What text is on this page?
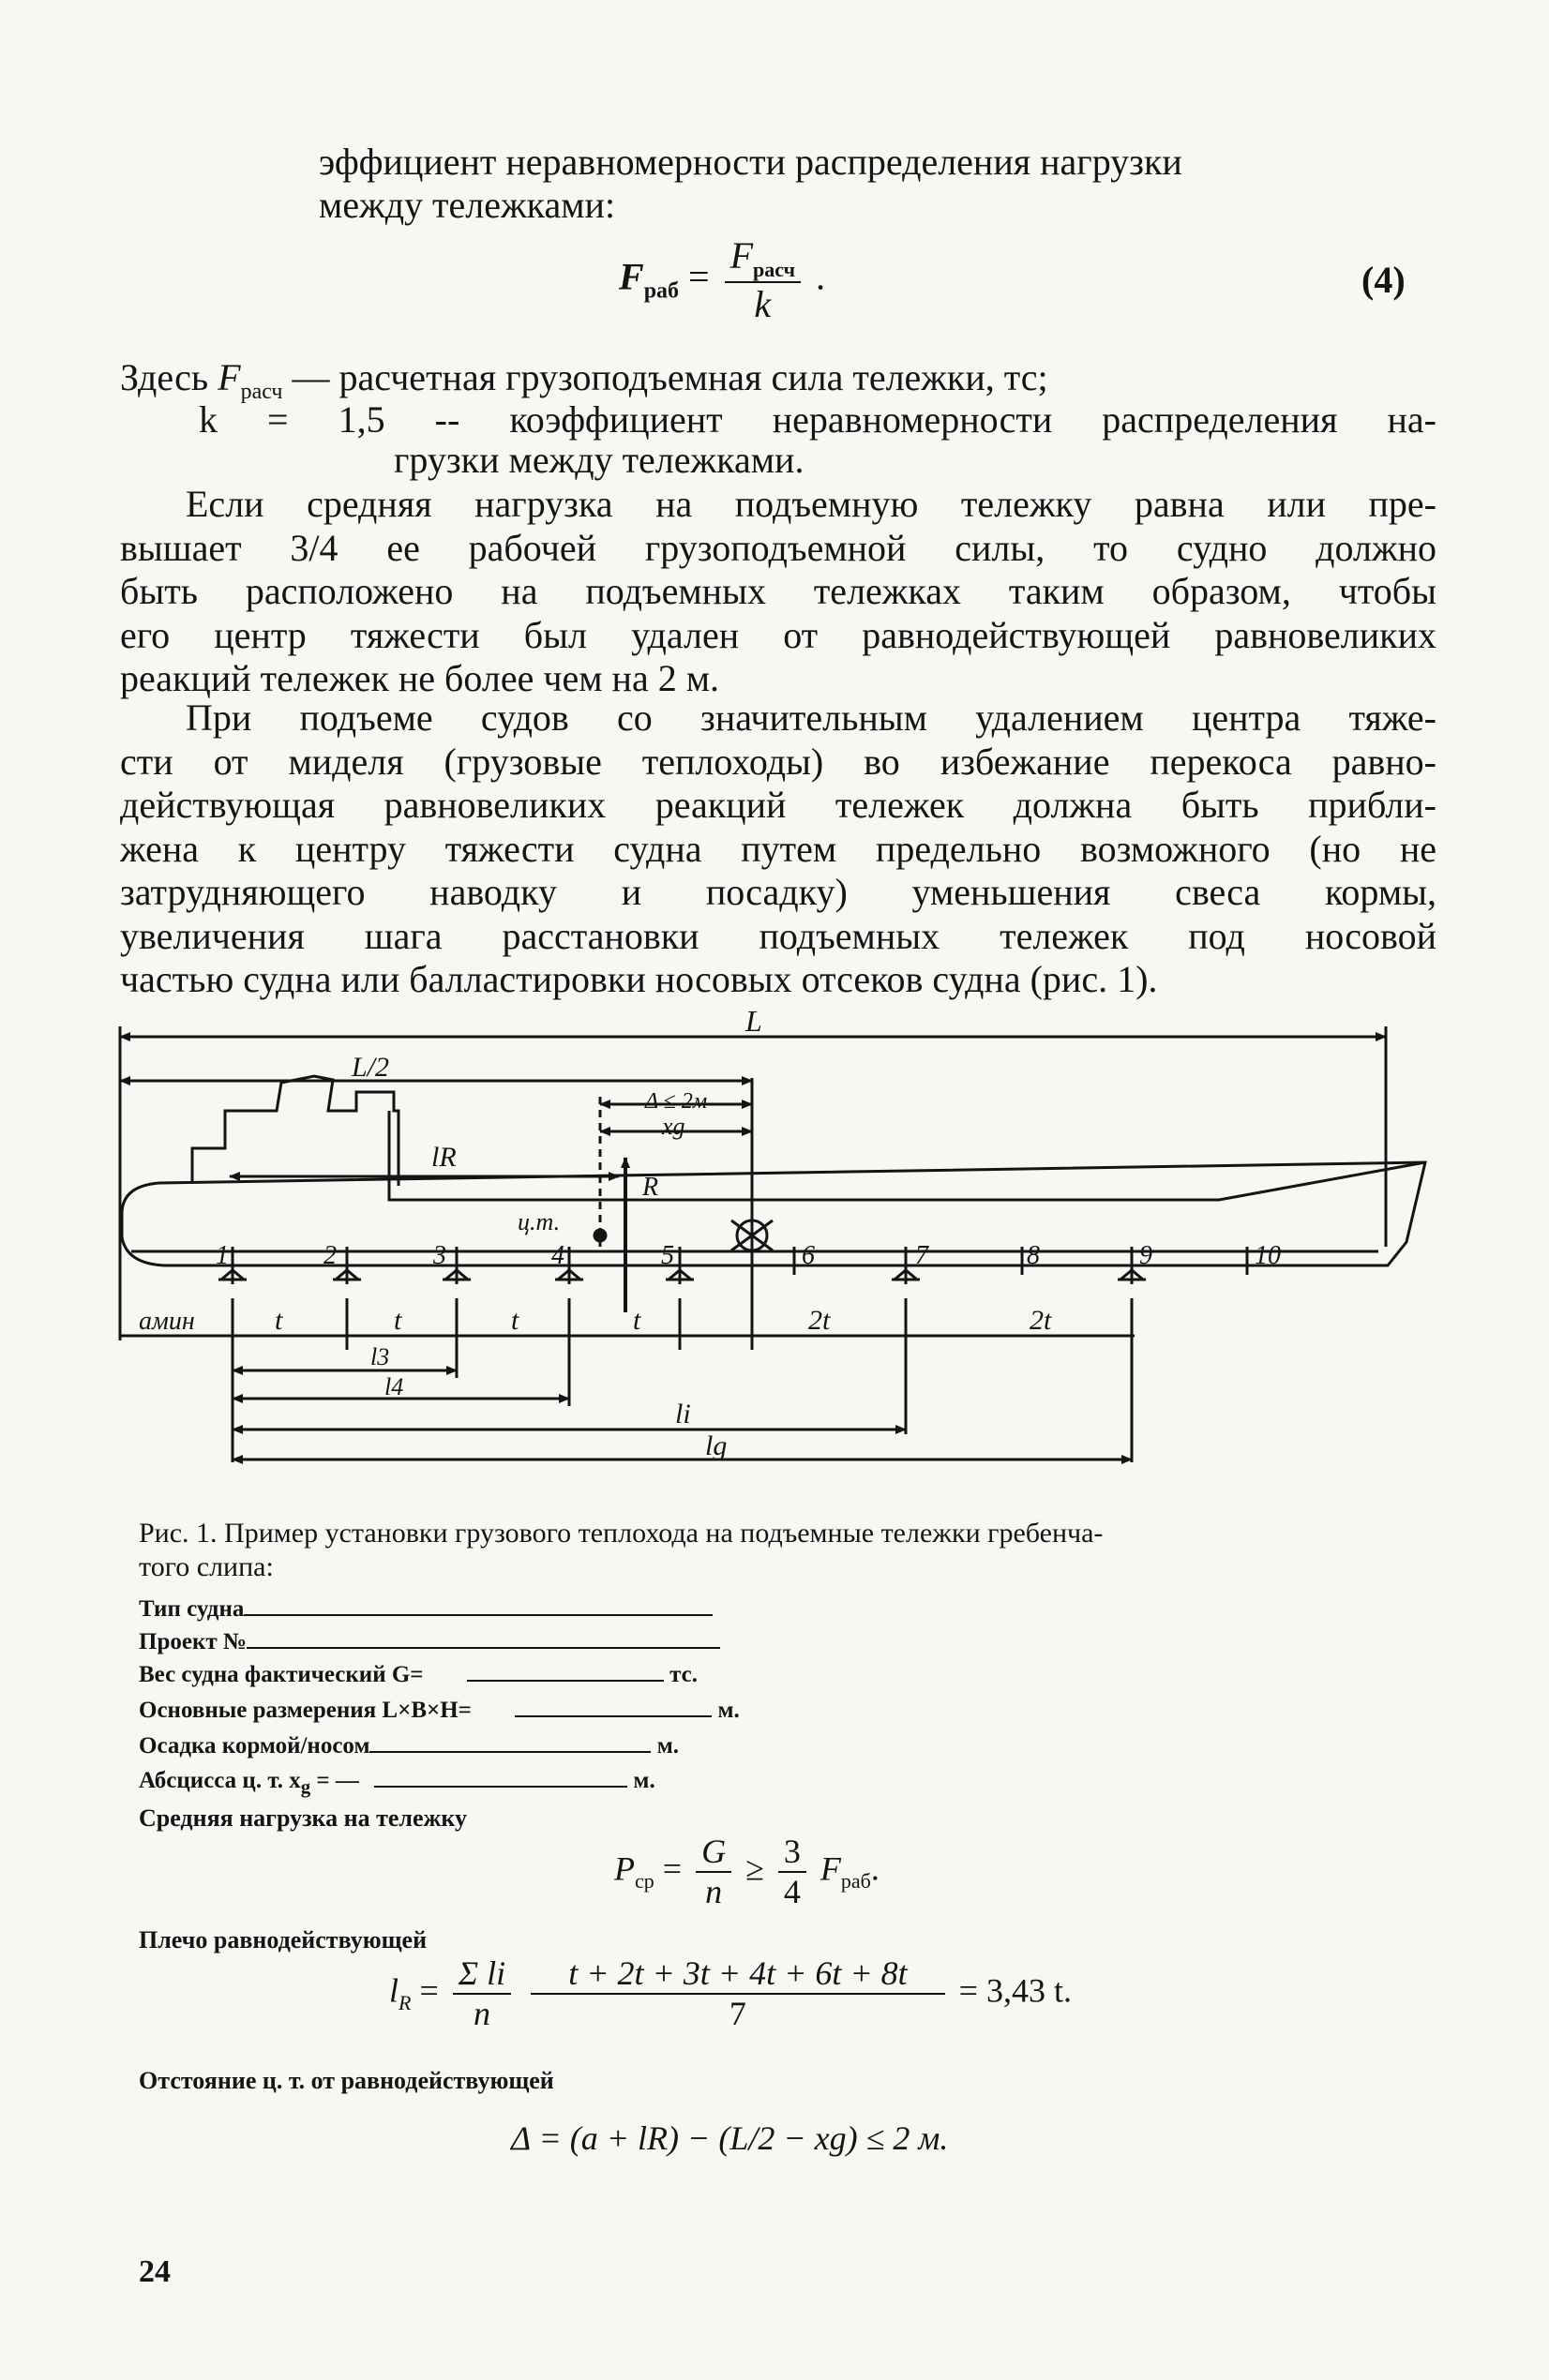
эффициент неравномерности распределения нагрузки
между тележками:
$F_{раб} = \frac{F_{расч}}{k}$ .	(4)
Здесь $F_{расч}$ — расчетная грузоподъемная сила тележки, тс;
k = 1,5 -- коэффициент неравномерности распределения на-
грузки между тележками.
Если средняя нагрузка на подъемную тележку равна или пре-
вышает 3/4 ее рабочей грузоподъемной силы, то судно должно
быть расположено на подъемных тележках таким образом, чтобы
его центр тяжести был удален от равнодействующей равновеликих
реакций тележек не более чем на 2 м.
При подъеме судов со значительным удалением центра тяже-
сти от миделя (грузовые теплоходы) во избежание перекоса равно-
действующая равновеликих реакций тележек должна быть прибли-
жена к центру тяжести судна путем предельно возможного (но не
затрудняющего наводку и посадку) уменьшения свеса кормы,
увеличения шага расстановки подъемных тележек под носовой
частью судна или балластировки носовых отсеков судна (рис. 1).
L
L/2
Δ ≤ 2м
xg
lR
R
ц.т.
1	2	3	4	5	6	7	8	9	10
aмин	t	t	t	t	2t	2t
l3
l4
li
lg
Рис. 1. Пример установки грузового теплохода на подъемные тележки гребенча-
того слипа:
Тип судна
Проект №
Вес судна фактический G=	тс.
Основные размерения L×B×H=	м.
Осадка кормой/носом	м.
Абсцисса ц. т. $x_g$ = —	м.
Средняя нагрузка на тележку
$P_{ср} = \frac{G}{n} \ge \frac{3}{4} F_{раб}$.
Плечо равнодействующей
$l_R = \frac{\text{Σ li}}{n}$
$\frac{t + 2t + 3t + 4t + 6t + 8t}{7} = 3,43$ t.
Отстояние ц. т. от равнодействующей
Δ = (a + lR) − (L/2 − xg) ≤ 2 м.
24
